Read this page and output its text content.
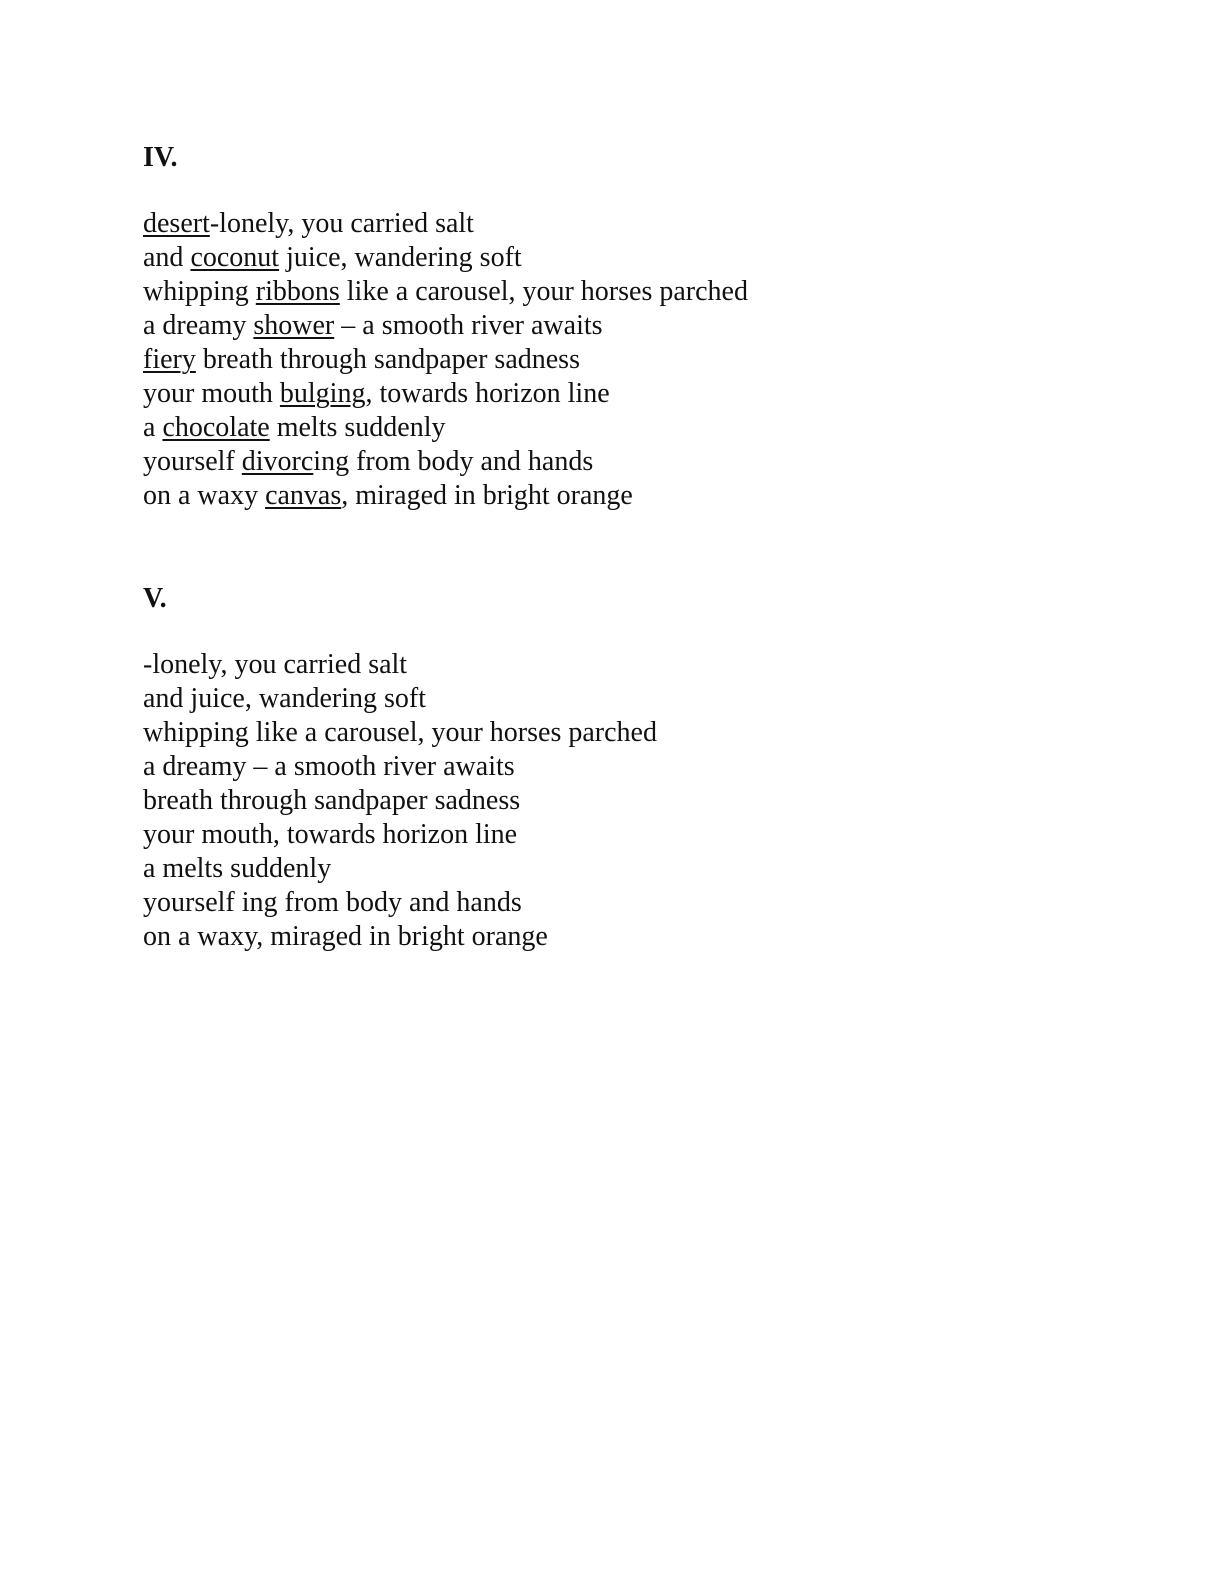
IV.
desert-lonely, you carried salt
and coconut juice, wandering soft
whipping ribbons like a carousel, your horses parched
a dreamy shower – a smooth river awaits
fiery breath through sandpaper sadness
your mouth bulging, towards horizon line
a chocolate melts suddenly
yourself divorcing from body and hands
on a waxy canvas, miraged in bright orange
V.
-lonely, you carried salt
and juice, wandering soft
whipping like a carousel, your horses parched
a dreamy – a smooth river awaits
breath through sandpaper sadness
your mouth, towards horizon line
a melts suddenly
yourself ing from body and hands
on a waxy, miraged in bright orange
